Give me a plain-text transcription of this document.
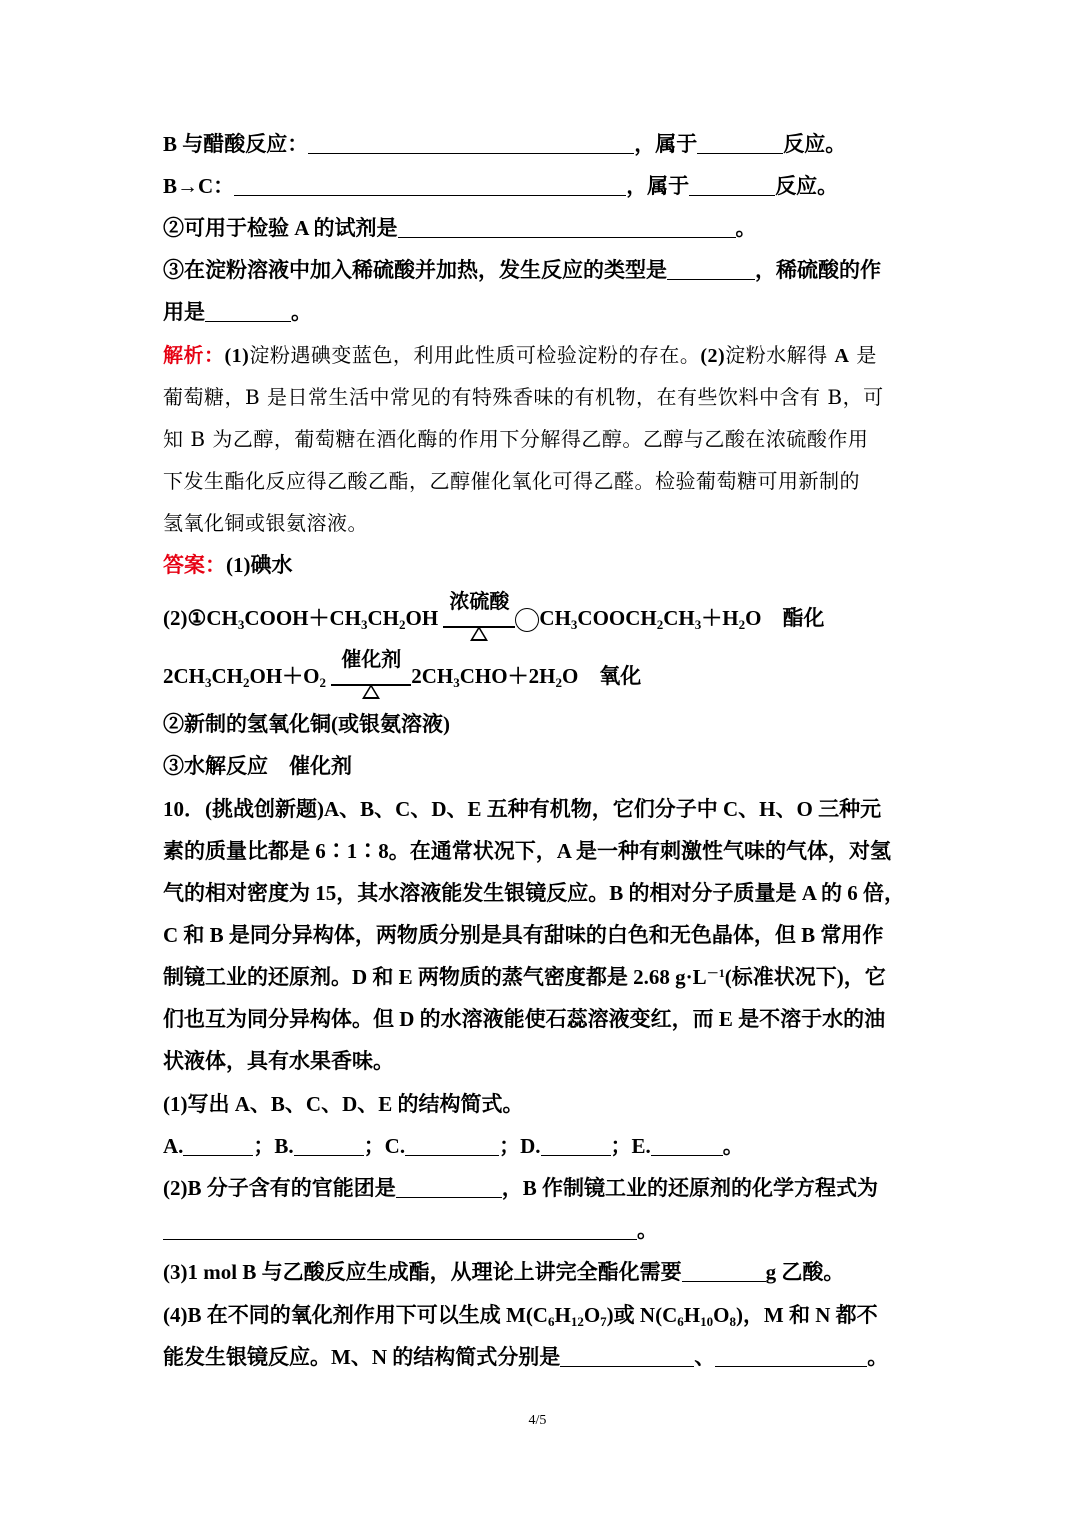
B 与醋酸反应：	，属于	反应。
B→C：	，属于	反应。
②可用于检验 A 的试剂是	。
③在淀粉溶液中加入稀硫酸并加热，发生反应的类型是	，稀硫酸的作
用是	。
解析：(1)淀粉遇碘变蓝色，利用此性质可检验淀粉的存在。(2)淀粉水解得 A 是
葡萄糖，B 是日常生活中常见的有特殊香味的有机物，在有些饮料中含有 B，可
知 B 为乙醇，葡萄糖在酒化酶的作用下分解得乙醇。乙醇与乙酸在浓硫酸作用
下发生酯化反应得乙酸乙酯，乙醇催化氧化可得乙醛。检验葡萄糖可用新制的
氢氧化铜或银氨溶液。
答案：(1)碘水
$(2)①CH_3COOH+CH_3CH_2OH$
浓硫酸
$CH_3COOCH_2CH_3+H_2O$    酯化
$2CH_3CH_2OH+O_2$
催化剂
$2CH_3CHO+2H_2O$    氧化
②新制的氢氧化铜(或银氨溶液)
③水解反应　催化剂
10．(挑战创新题)A、B、C、D、E 五种有机物，它们分子中 C、H、O 三种元
素的质量比都是 6∶1∶8。在通常状况下，A 是一种有刺激性气味的气体，对氢
气的相对密度为 15，其水溶液能发生银镜反应。B 的相对分子质量是 A 的 6 倍，
C 和 B 是同分异构体，两物质分别是具有甜味的白色和无色晶体，但 B 常用作
制镜工业的还原剂。D 和 E 两物质的蒸气密度都是 2.68 $g\cdot L^{-1}$(标准状况下)，它
们也互为同分异构体。但 D 的水溶液能使石蕊溶液变红，而 E 是不溶于水的油
状液体，具有水果香味。
(1)写出 A、B、C、D、E 的结构简式。
A.	；B.	；C.	；D.	；E.	。
(2)B 分子含有的官能团是	，B 作制镜工业的还原剂的化学方程式为
。
(3)1 mol B 与乙酸反应生成酯，从理论上讲完全酯化需要	g 乙酸。
(4)B 在不同的氧化剂作用下可以生成 $M(C_6H_{12}O_7)$或 $N(C_6H_{10}O_8)$，M 和 N 都不
能发生银镜反应。M、N 的结构简式分别是	、	。
4/5
